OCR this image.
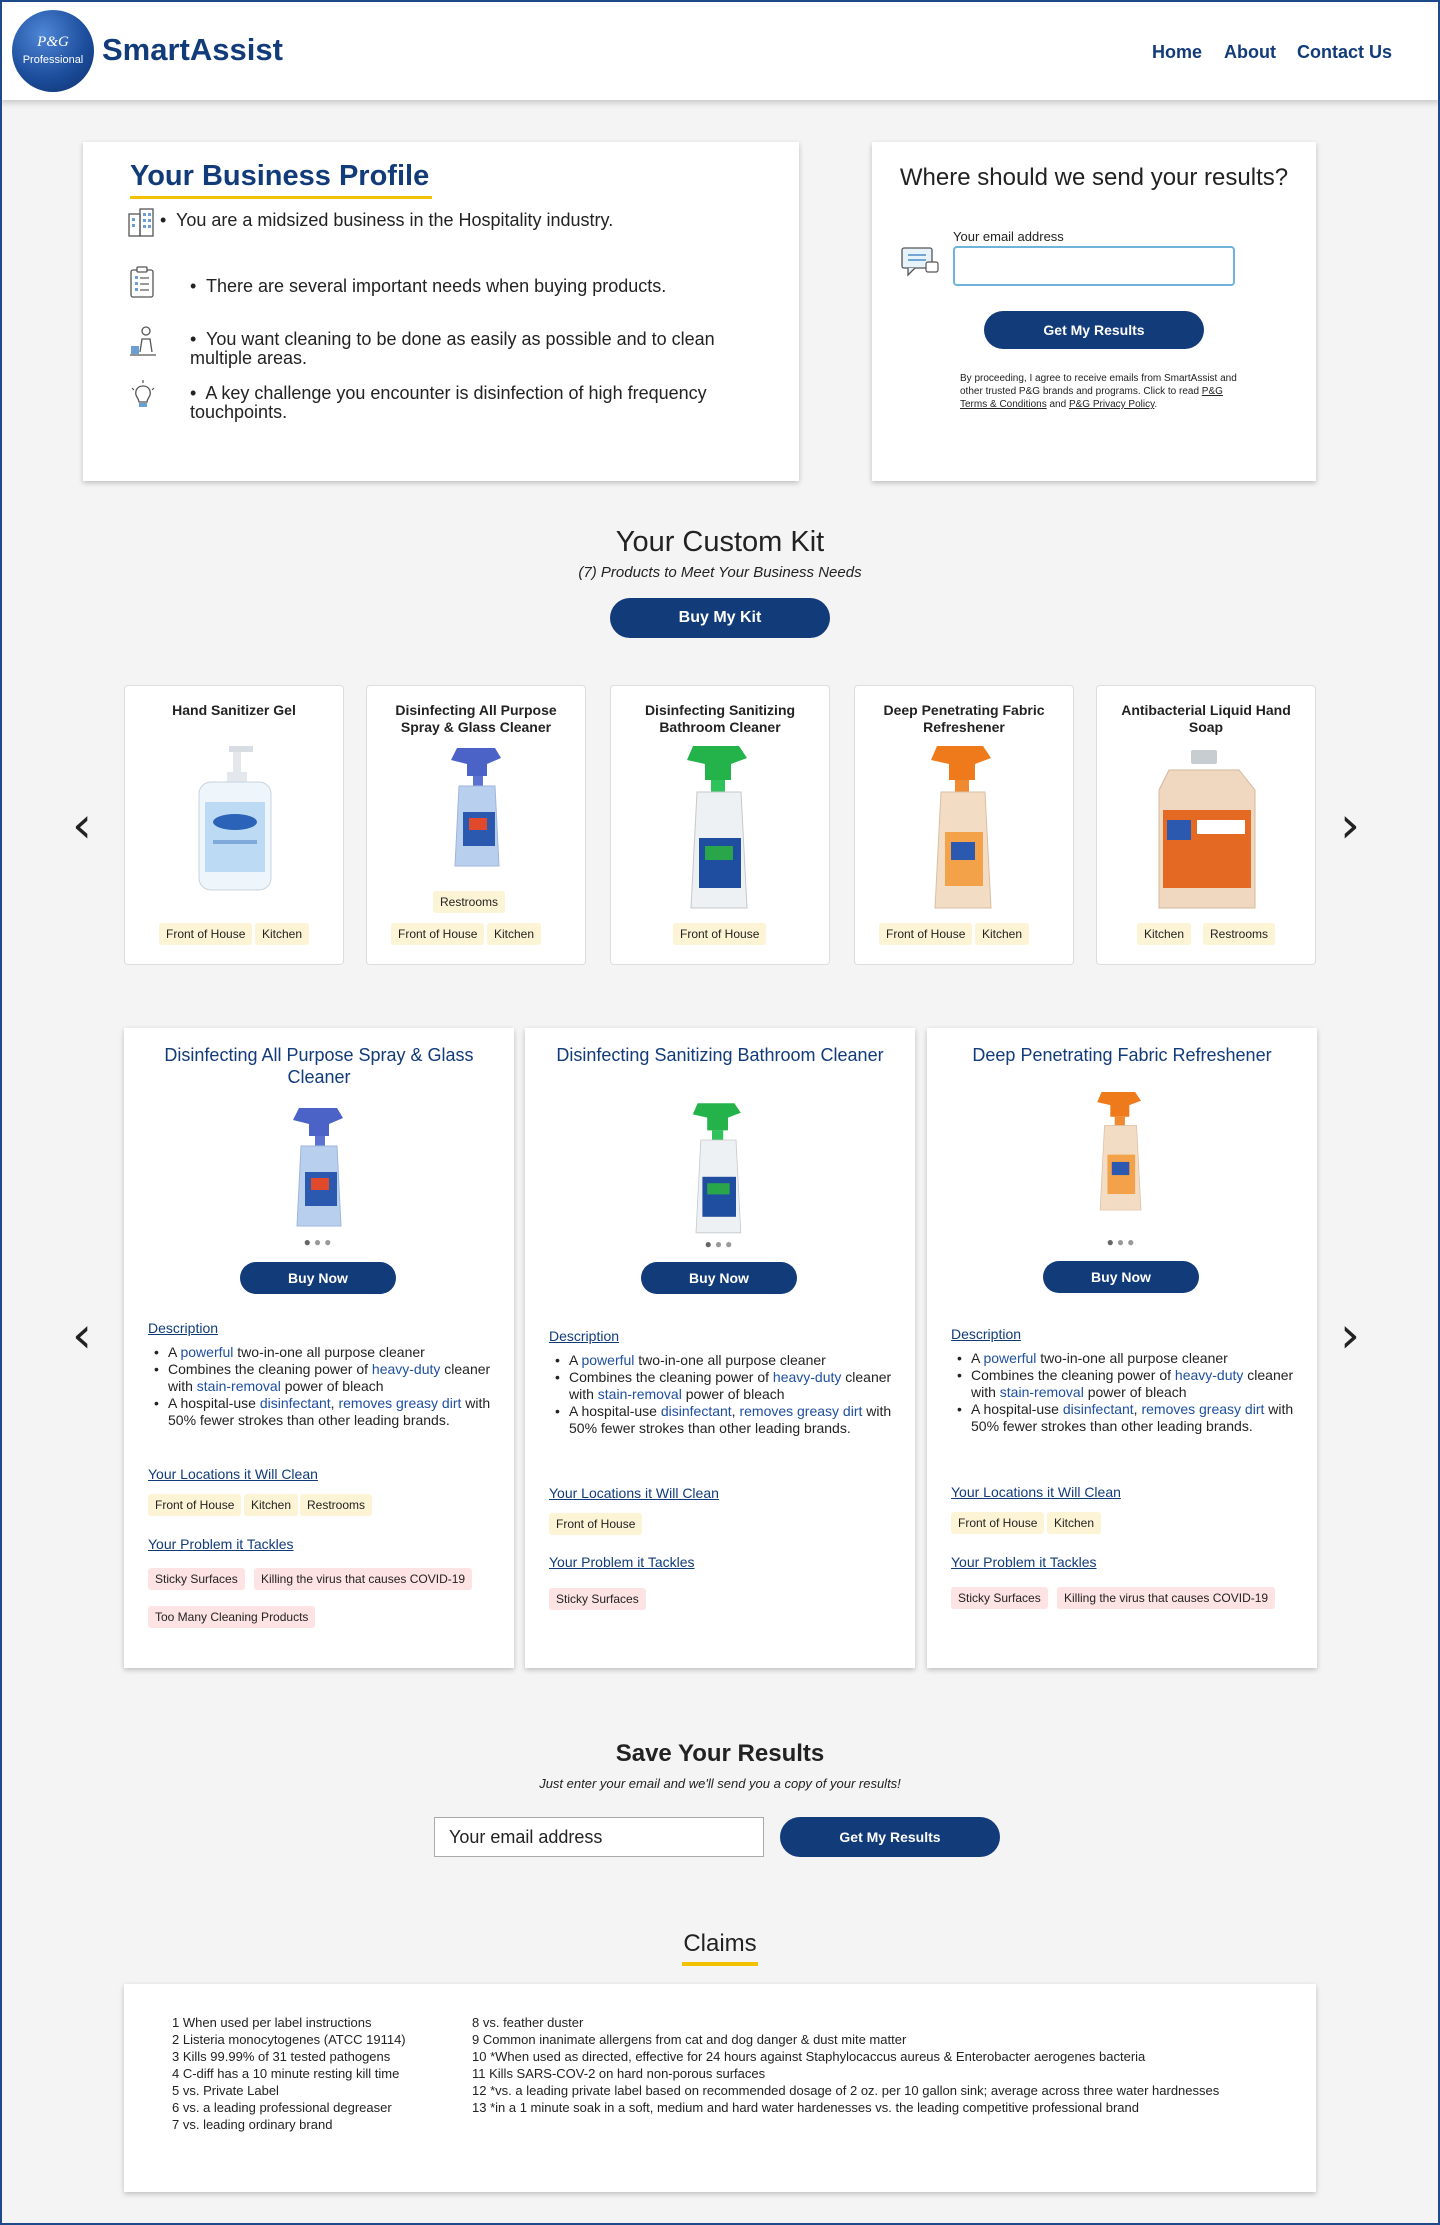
P&G
Professional SmartAssist	Home About Contact Us
Your Business Profile
•  You are a midsized business in the Hospitality industry.
•  There are several important needs when buying products.
•  You want cleaning to be done as easily as possible and to clean multiple areas.
•  A key challenge you encounter is disinfection of high frequency touchpoints.
Where should we send your results?
Your email address
Get My Results
By proceeding, I agree to receive emails from SmartAssist and other trusted P&G brands and programs. Click to read P&G Terms & Conditions and P&G Privacy Policy.
Your Custom Kit
(7) Products to Meet Your Business Needs
Buy My Kit
‹	›
Hand Sanitizer Gel
Front of House	Kitchen
Disinfecting All Purpose Spray & Glass Cleaner
Restrooms
Front of House	Kitchen
Disinfecting Sanitizing Bathroom Cleaner
Front of House
Deep Penetrating Fabric Refreshener
Front of House	Kitchen
Antibacterial Liquid Hand Soap
Kitchen	Restrooms
‹	›
Disinfecting All Purpose Spray & Glass Cleaner
●●●
Buy Now
Description
• A powerful two-in-one all purpose cleaner
• Combines the cleaning power of heavy-duty cleaner with stain-removal power of bleach
• A hospital-use disinfectant, removes greasy dirt with 50% fewer strokes than other leading brands.
Your Locations it Will Clean
Front of House	Kitchen	Restrooms
Your Problem it Tackles
Sticky Surfaces	Killing the virus that causes COVID-19
Too Many Cleaning Products
Disinfecting Sanitizing Bathroom Cleaner
●●●
Buy Now
Description
• A powerful two-in-one all purpose cleaner
• Combines the cleaning power of heavy-duty cleaner with stain-removal power of bleach
• A hospital-use disinfectant, removes greasy dirt with 50% fewer strokes than other leading brands.
Your Locations it Will Clean
Front of House
Your Problem it Tackles
Sticky Surfaces
Deep Penetrating Fabric Refreshener
●●●
Buy Now
Description
• A powerful two-in-one all purpose cleaner
• Combines the cleaning power of heavy-duty cleaner with stain-removal power of bleach
• A hospital-use disinfectant, removes greasy dirt with 50% fewer strokes than other leading brands.
Your Locations it Will Clean
Front of House	Kitchen
Your Problem it Tackles
Sticky Surfaces	Killing the virus that causes COVID-19
Save Your Results
Just enter your email and we'll send you a copy of your results!
Your email address
Get My Results
Claims
1 When used per label instructions
2 Listeria monocytogenes (ATCC 19114)
3 Kills 99.99% of 31 tested pathogens
4 C-diff has a 10 minute resting kill time
5 vs. Private Label
6 vs. a leading professional degreaser
7 vs. leading ordinary brand
8 vs. feather duster
9 Common inanimate allergens from cat and dog danger & dust mite matter
10 *When used as directed, effective for 24 hours against Staphylocaccus aureus & Enterobacter aerogenes bacteria
11 Kills SARS-COV-2 on hard non-porous surfaces
12 *vs. a leading private label based on recommended dosage of 2 oz. per 10 gallon sink; average across three water hardnesses
13 *in a 1 minute soak in a soft, medium and hard water hardenesses vs. the leading competitive professional brand
